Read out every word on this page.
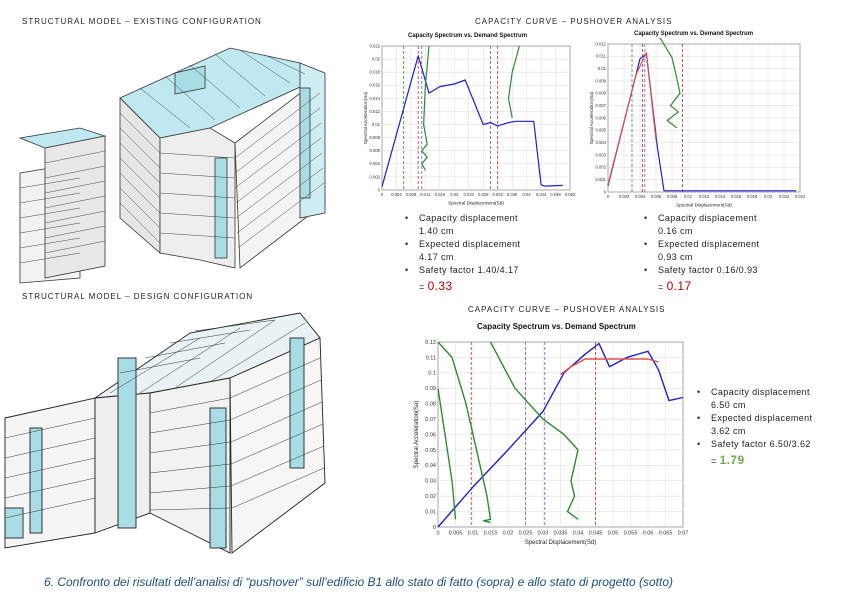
STRUCTURAL MODEL – EXISTING CONFIGURATION	CAPACITY CURVE – PUSHOVER ANALYSIS
Capacity Spectrum vs. Demand Spectrum
0 0.004 0.008 0.012 0.016 0.02 0.024 0.028 0.032 0.036 0.04 0.044 0.048 0.052
0
0.002
0.004
0.006
0.008
0.01
0.012
0.014
0.016
0.018
0.02
0.022
Spectral Displacement(Sd)
Spectral Acceleration(Sa)
Capacity Spectrum vs. Demand Spectrum
0 0.002 0.004 0.006 0.008 0.01 0.012 0.014 0.016 0.018 0.02 0.022 0.024
0
0.001
0.002
0.003
0.004
0.005
0.006
0.007
0.008
0.009
0.01
0.011
0.012
Spectral Displacement(Sd)
Spectral Acceleration(Sa)
• Capacity displacement
1.40 cm
• Expected displacement
4.17 cm
• Safety factor 1.40/4.17
= 0.33
• Capacity displacement
0.16 cm
• Expected displacement
0.93 cm
• Safety factor 0.16/0.93
= 0.17
STRUCTURAL MODEL – DESIGN CONFIGURATION
CAPACITY CURVE – PUSHOVER ANALYSIS
Capacity Spectrum vs. Demand Spectrum
0 0.005 0.01 0.015 0.02 0.025 0.03 0.035 0.04 0.045 0.05 0.055 0.06 0.065 0.07
0
0.01
0.02
0.03
0.04
0.05
0.06
0.07
0.08
0.09
0.1
0.11
0.12
Spectral Displacement(Sd)
Spectral Acceleration(Sa)
• Capacity displacement
6.50 cm
• Expected displacement
3.62 cm
• Safety factor 6.50/3.62
= 1.79
6. Confronto dei risultati dell’analisi di “pushover” sull’edificio B1 allo stato di fatto (sopra) e allo stato di progetto (sotto)
